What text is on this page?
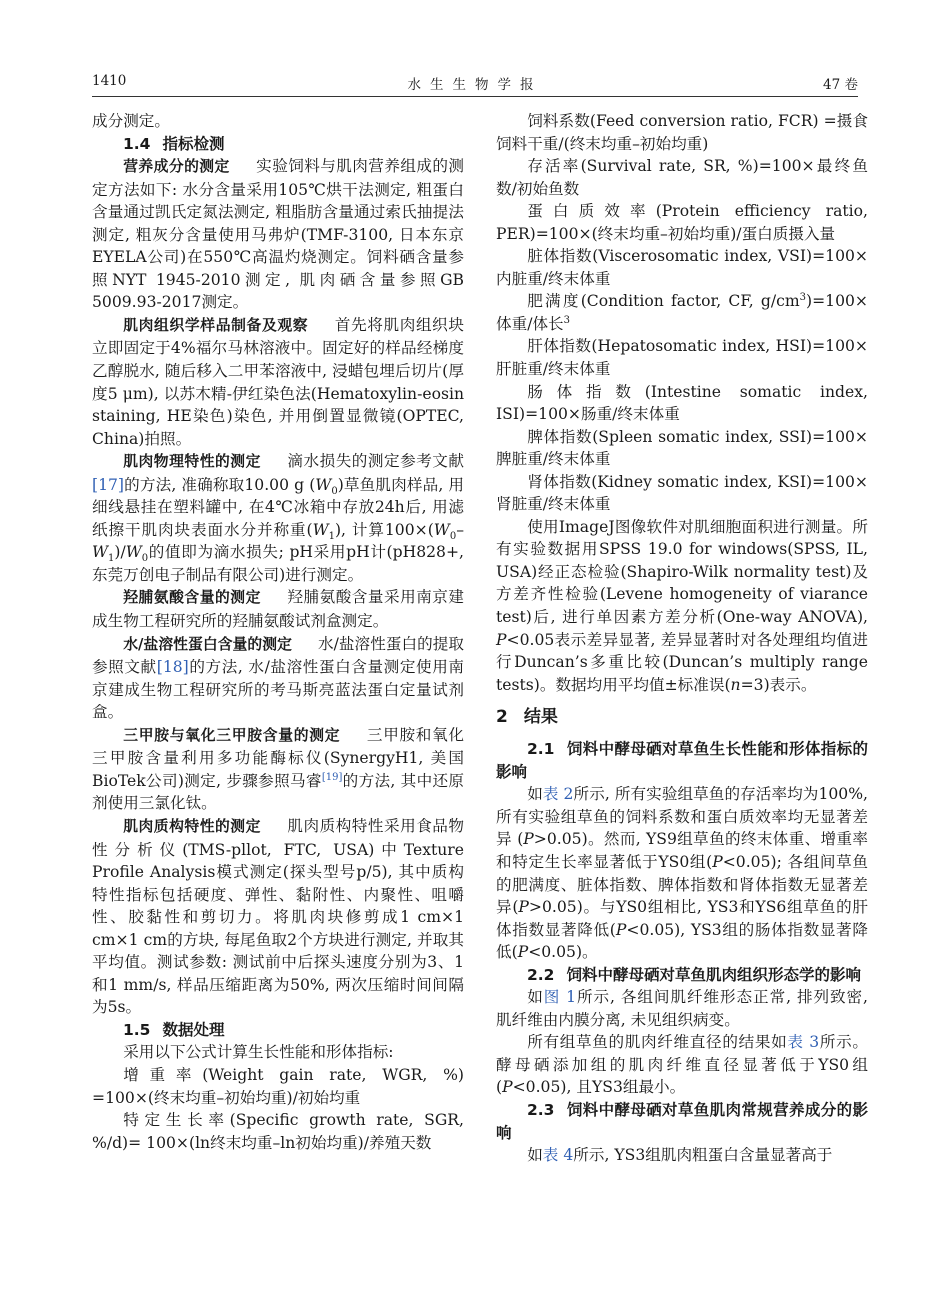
1410	水生生物学报	47 卷

成分测定。

1.4 指标检测

营养成分的测定 实验饲料与肌肉营养组成的测定方法如下: 水分含量采用105℃烘干法测定, 粗蛋白含量通过凯氏定氮法测定, 粗脂肪含量通过索氏抽提法测定, 粗灰分含量使用马弗炉(TMF-3100, 日本东京EYELA公司)在550℃高温灼烧测定。饲料硒含量参照NYT 1945-2010测定, 肌肉硒含量参照GB 5009.93-2017测定。

肌肉组织学样品制备及观察 首先将肌肉组织块立即固定于4%福尔马林溶液中。固定好的样品经梯度乙醇脱水, 随后移入二甲苯溶液中, 浸蜡包埋后切片(厚度5 μm), 以苏木精-伊红染色法(Hematoxylin-eosin staining, HE染色)染色, 并用倒置显微镜(OPTEC, China)拍照。

肌肉物理特性的测定 滴水损失的测定参考文献[17]的方法, 准确称取10.00 g $(W_0)$草鱼肌肉样品, 用细线悬挂在塑料罐中, 在4℃冰箱中存放24h后, 用滤纸擦干肌肉块表面水分并称重$(W_1)$, 计算$100\times(W_0-W_1)/W_0$的值即为滴水损失; pH采用pH计(pH828+, 东莞万创电子制品有限公司)进行测定。

羟脯氨酸含量的测定 羟脯氨酸含量采用南京建成生物工程研究所的羟脯氨酸试剂盒测定。

水/盐溶性蛋白含量的测定 水/盐溶性蛋白的提取参照文献[18]的方法, 水/盐溶性蛋白含量测定使用南京建成生物工程研究所的考马斯亮蓝法蛋白定量试剂盒。

三甲胺与氧化三甲胺含量的测定 三甲胺和氧化三甲胺含量利用多功能酶标仪(SynergyH1, 美国BioTek公司)测定, 步骤参照马睿[19]的方法, 其中还原剂使用三氯化钛。

肌肉质构特性的测定 肌肉质构特性采用食品物性分析仪(TMS-pllot, FTC, USA)中Texture Profile Analysis模式测定(探头型号p/5), 其中质构特性指标包括硬度、弹性、黏附性、内聚性、咀嚼性、胶黏性和剪切力。将肌肉块修剪成1 cm×1 cm×1 cm的方块, 每尾鱼取2个方块进行测定, 并取其平均值。测试参数: 测试前中后探头速度分别为3、1和1 mm/s, 样品压缩距离为50%, 两次压缩时间间隔为5s。

1.5 数据处理

采用以下公式计算生长性能和形体指标:

增重率(Weight gain rate, WGR, %) =100×(终末均重–初始均重)/初始均重

特定生长率(Specific growth rate, SGR, %/d)= 100×(ln终末均重–ln初始均重)/养殖天数

饲料系数(Feed conversion ratio, FCR) =摄食饲料干重/(终末均重–初始均重)

存活率(Survival rate, SR, %)=100×最终鱼数/初始鱼数

蛋白质效率(Protein efficiency ratio, PER)=100×(终末均重–初始均重)/蛋白质摄入量

脏体指数(Viscerosomatic index, VSI)=100×内脏重/终末体重

肥满度(Condition factor, CF, $g/cm^3)=100\times$体重/体长$^3$

肝体指数(Hepatosomatic index, HSI)=100×肝脏重/终末体重

肠体指数(Intestine somatic index, ISI)=100×肠重/终末体重

脾体指数(Spleen somatic index, SSI)=100×脾脏重/终末体重

肾体指数(Kidney somatic index, KSI)=100×肾脏重/终末体重

使用ImageJ图像软件对肌细胞面积进行测量。所有实验数据用SPSS 19.0 for windows(SPSS, IL, USA)经正态检验(Shapiro-Wilk normality test)及方差齐性检验(Levene homogeneity of viarance test)后, 进行单因素方差分析(One-way ANOVA), P<0.05表示差异显著, 差异显著时对各处理组均值进行Duncan’s多重比较(Duncan’s multiply range tests)。数据均用平均值±标准误(n=3)表示。

2 结果

2.1 饲料中酵母硒对草鱼生长性能和形体指标的影响

如表 2所示, 所有实验组草鱼的存活率均为100%, 所有实验组草鱼的饲料系数和蛋白质效率均无显著差异 (P>0.05)。然而, YS9组草鱼的终末体重、增重率和特定生长率显著低于YS0组(P<0.05); 各组间草鱼的肥满度、脏体指数、脾体指数和肾体指数无显著差异(P>0.05)。与YS0组相比, YS3和YS6组草鱼的肝体指数显著降低(P<0.05), YS3组的肠体指数显著降低(P<0.05)。

2.2 饲料中酵母硒对草鱼肌肉组织形态学的影响

如图 1所示, 各组间肌纤维形态正常, 排列致密, 肌纤维由内膜分离, 未见组织病变。

所有组草鱼的肌肉纤维直径的结果如表 3所示。酵母硒添加组的肌肉纤维直径显著低于YS0组(P<0.05), 且YS3组最小。

2.3 饲料中酵母硒对草鱼肌肉常规营养成分的影响

如表 4所示, YS3组肌肉粗蛋白含量显著高于
